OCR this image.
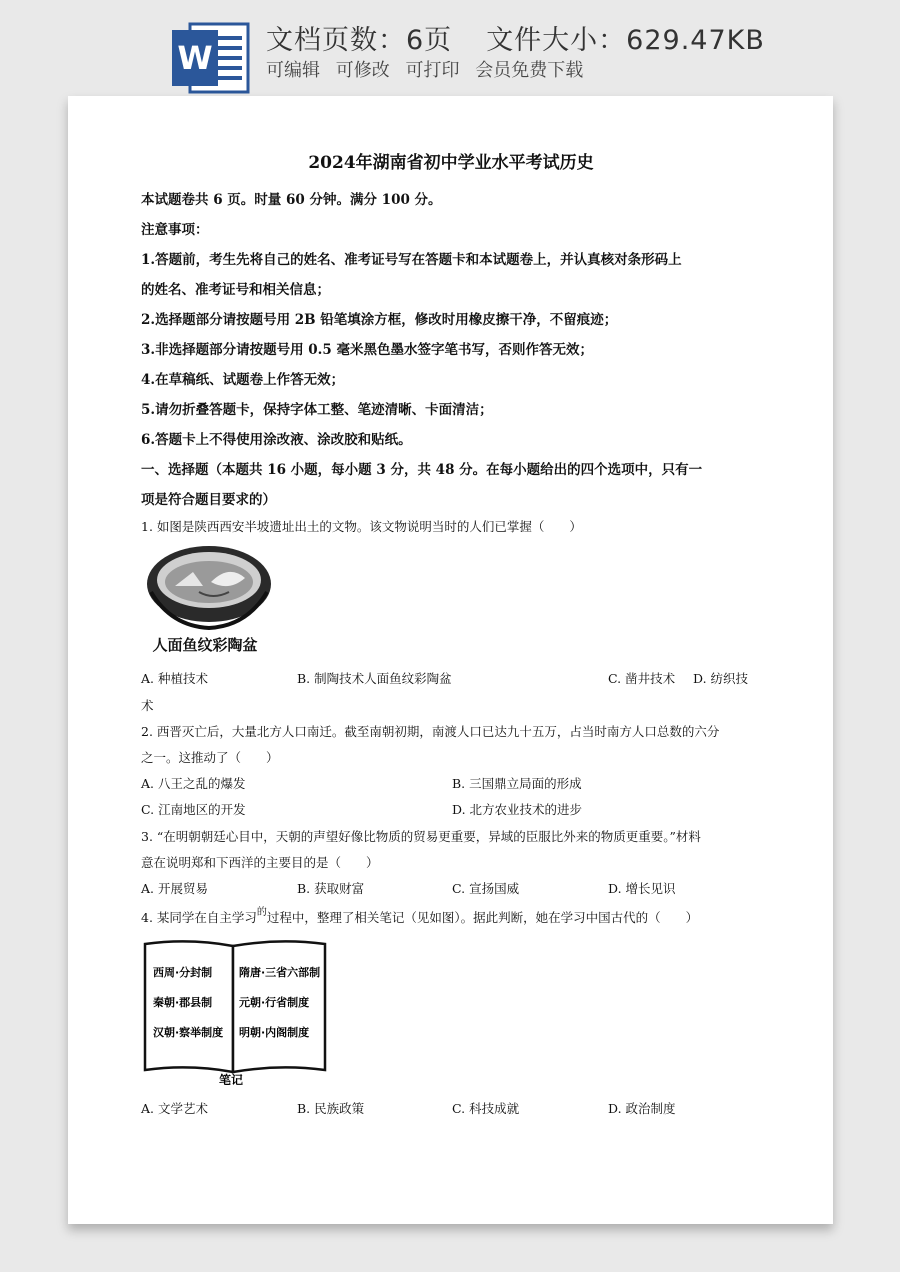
W 文档页数：6页 文件大小：629.47KB
可编辑 可修改 可打印 会员免费下载
2024年湖南省初中学业水平考试历史
本试题卷共 6 页。时量 60 分钟。满分 100 分。
注意事项：
1.答题前，考生先将自己的姓名、准考证号写在答题卡和本试题卷上，并认真核对条形码上
的姓名、准考证号和相关信息；
2.选择题部分请按题号用 2B 铅笔填涂方框，修改时用橡皮擦干净，不留痕迹；
3.非选择题部分请按题号用 0.5 毫米黑色墨水签字笔书写，否则作答无效；
4.在草稿纸、试题卷上作答无效；
5.请勿折叠答题卡，保持字体工整、笔迹清晰、卡面清洁；
6.答题卡上不得使用涂改液、涂改胶和贴纸。
一、选择题（本题共 16 小题，每小题 3 分，共 48 分。在每小题给出的四个选项中，只有一
项是符合题目要求的）
1. 如图是陕西西安半坡遗址出土的文物。该文物说明当时的人们已掌握（　　）
人面鱼纹彩陶盆
A. 种植技术	B. 制陶技术人面鱼纹彩陶盆	C. 凿井技术 D. 纺织技
术
2. 西晋灭亡后，大量北方人口南迁。截至南朝初期，南渡人口已达九十五万，占当时南方人口总数的六分
之一。这推动了（　　）
A. 八王之乱的爆发	B. 三国鼎立局面的形成
C. 江南地区的开发	D. 北方农业技术的进步
3. “在明朝朝廷心目中，天朝的声望好像比物质的贸易更重要，异域的臣服比外来的物质更重要。”材料
意在说明郑和下西洋的主要目的是（　　）
A. 开展贸易	B. 获取财富	C. 宣扬国威	D. 增长见识
4. 某同学在自主学习$^的$过程中，整理了相关笔记（见如图）。据此判断，她在学习中国古代的（　　）
西周·分封制
秦朝·郡县制
汉朝·察举制度
隋唐·三省六部制
元朝·行省制度
明朝·内阁制度
笔记
A. 文学艺术	B. 民族政策	C. 科技成就	D. 政治制度
